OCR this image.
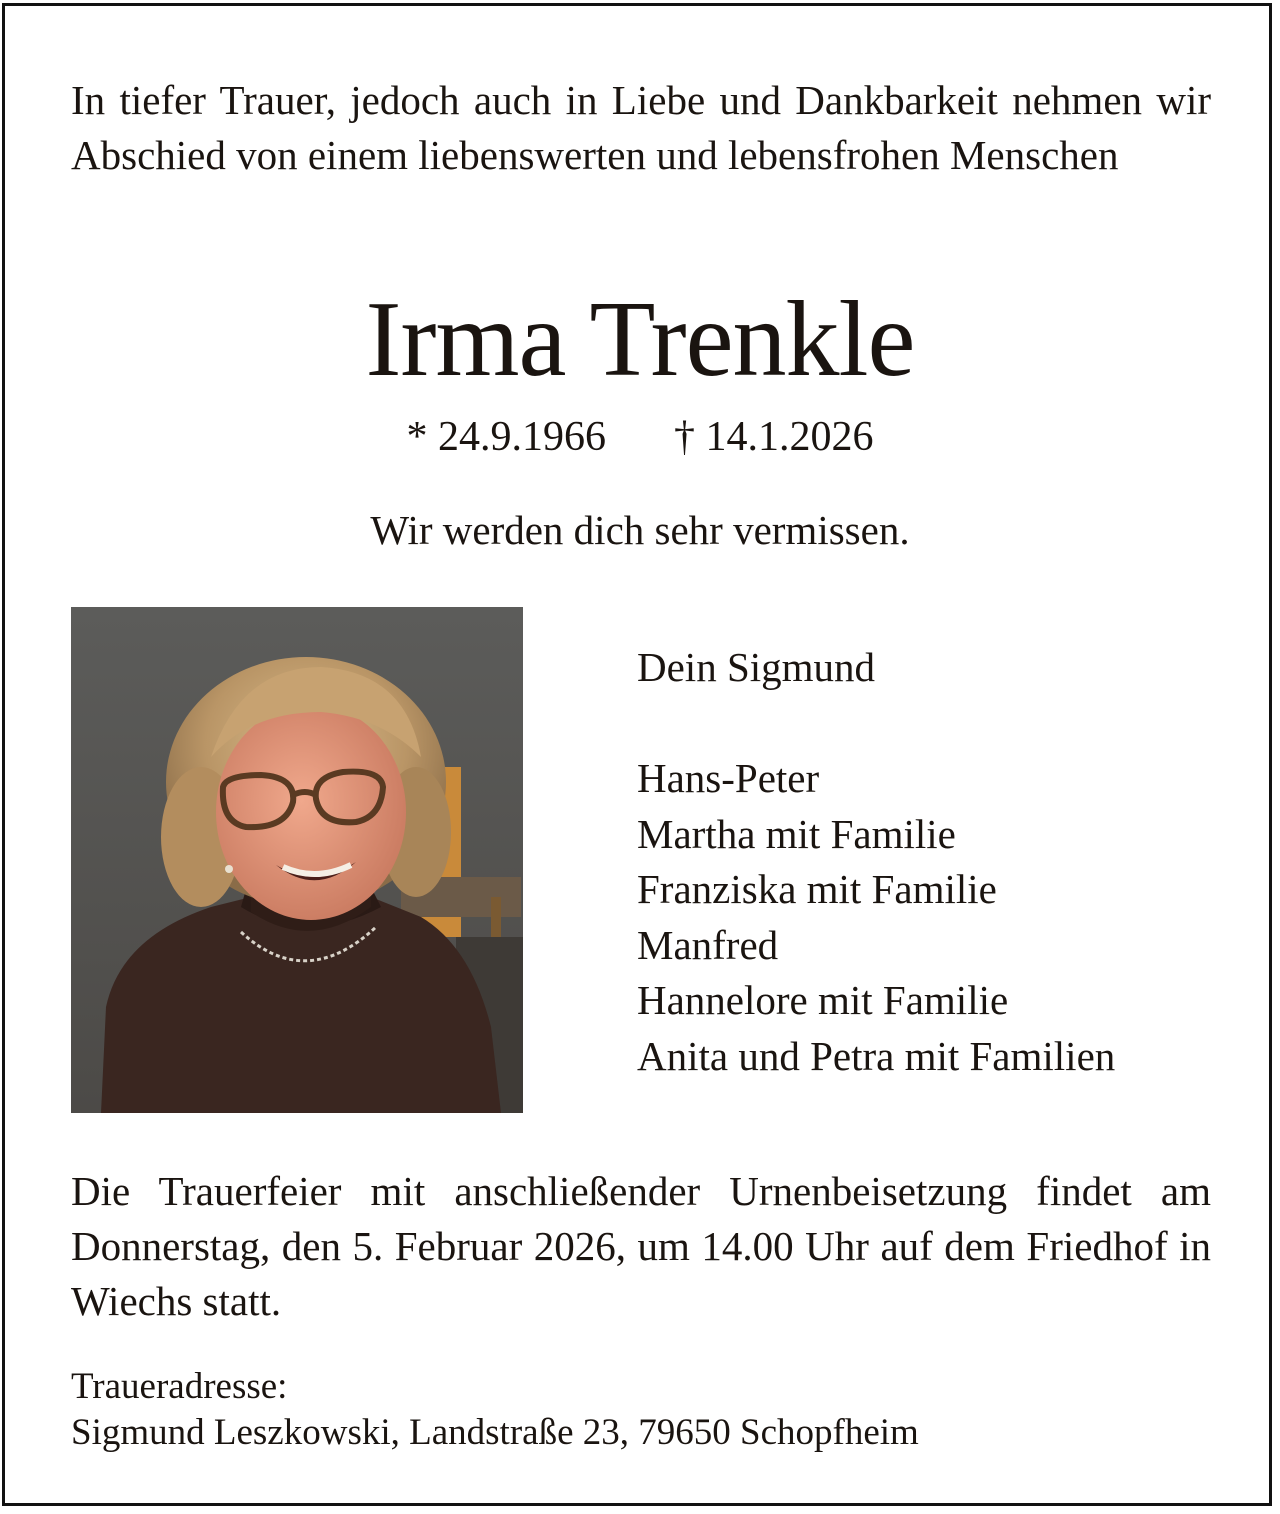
In tiefer Trauer, jedoch auch in Liebe und Dankbarkeit nehmen wir Abschied von einem liebenswerten und lebensfrohen Menschen
Irma Trenkle
* 24.9.1966 † 14.1.2026
Wir werden dich sehr vermissen.
Dein Sigmund
Hans-Peter
Martha mit Familie
Franziska mit Familie
Manfred
Hannelore mit Familie
Anita und Petra mit Familien
Die Trauerfeier mit anschließender Urnenbeisetzung findet am Donnerstag, den 5. Februar 2026, um 14.00 Uhr auf dem Friedhof in Wiechs statt.
Traueradresse:
Sigmund Leszkowski, Landstraße 23, 79650 Schopfheim
